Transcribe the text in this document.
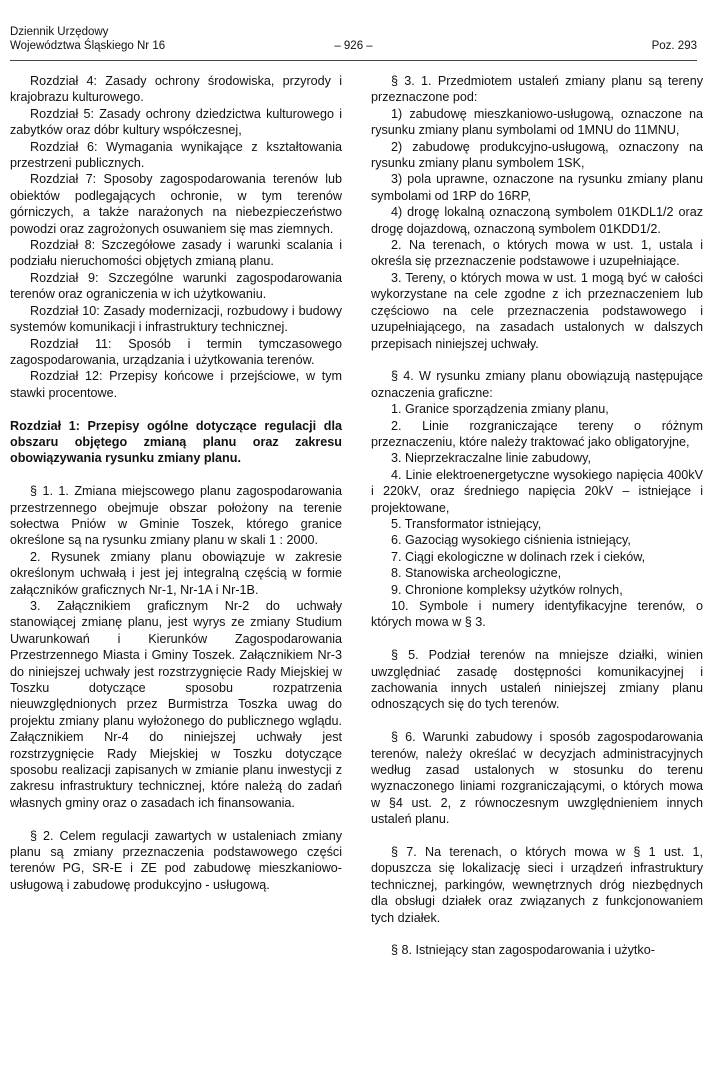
Dziennik Urzędowy
Województwa Śląskiego Nr 16	– 926 –	Poz. 293

Rozdział 4: Zasady ochrony środowiska, przyrody i krajobrazu kulturowego.

Rozdział 5: Zasady ochrony dziedzictwa kulturowego i zabytków oraz dóbr kultury współczesnej,

Rozdział 6: Wymagania wynikające z kształtowania przestrzeni publicznych.

Rozdział 7: Sposoby zagospodarowania terenów lub obiektów podlegających ochronie, w tym terenów górniczych, a także narażonych na niebezpieczeństwo powodzi oraz zagrożonych osuwaniem się mas ziemnych.

Rozdział 8: Szczegółowe zasady i warunki scalania i podziału nieruchomości objętych zmianą planu.

Rozdział 9: Szczególne warunki zagospodarowania terenów oraz ograniczenia w ich użytkowaniu.

Rozdział 10: Zasady modernizacji, rozbudowy i budowy systemów komunikacji i infrastruktury technicznej.

Rozdział 11: Sposób i termin tymczasowego zagospodarowania, urządzania i użytkowania terenów.

Rozdział 12: Przepisy końcowe i przejściowe, w tym stawki procentowe.

Rozdział 1: Przepisy ogólne dotyczące regulacji dla obszaru objętego zmianą planu oraz zakresu obowiązywania rysunku zmiany planu.

§ 1. 1. Zmiana miejscowego planu zagospodarowania przestrzennego obejmuje obszar położony na terenie sołectwa Pniów w Gminie Toszek, którego granice określone są na rysunku zmiany planu w skali 1 : 2000.

2. Rysunek zmiany planu obowiązuje w zakresie określonym uchwałą i jest jej integralną częścią w formie załączników graficznych Nr-1, Nr-1A i Nr-1B.

3. Załącznikiem graficznym Nr-2 do uchwały stanowiącej zmianę planu, jest wyrys ze zmiany Studium Uwarunkowań i Kierunków Zagospodarowania Przestrzennego Miasta i Gminy Toszek. Załącznikiem Nr-3 do niniejszej uchwały jest rozstrzygnięcie Rady Miejskiej w Toszku dotyczące sposobu rozpatrzenia nieuwzględnionych przez Burmistrza Toszka uwag do projektu zmiany planu wyłożonego do publicznego wglądu. Załącznikiem Nr-4 do niniejszej uchwały jest rozstrzygnięcie Rady Miejskiej w Toszku dotyczące sposobu realizacji zapisanych w zmianie planu inwestycji z zakresu infrastruktury technicznej, które należą do zadań własnych gminy oraz o zasadach ich finansowania.

§ 2. Celem regulacji zawartych w ustaleniach zmiany planu są zmiany przeznaczenia podstawowego części terenów PG, SR-E i ZE pod zabudowę mieszkaniowo-usługową i zabudowę produkcyjno - usługową.

§ 3. 1. Przedmiotem ustaleń zmiany planu są tereny przeznaczone pod:

1) zabudowę mieszkaniowo-usługową, oznaczone na rysunku zmiany planu symbolami od 1MNU do 11MNU,

2) zabudowę produkcyjno-usługową, oznaczony na rysunku zmiany planu symbolem 1SK,

3) pola uprawne, oznaczone na rysunku zmiany planu symbolami od 1RP do 16RP,

4) drogę lokalną oznaczoną symbolem 01KDL1/2 oraz drogę dojazdową, oznaczoną symbolem 01KDD1/2.

2. Na terenach, o których mowa w ust. 1, ustala i określa się przeznaczenie podstawowe i uzupełniające.

3. Tereny, o których mowa w ust. 1 mogą być w całości wykorzystane na cele zgodne z ich przeznaczeniem lub częściowo na cele przeznaczenia podstawowego i uzupełniającego, na zasadach ustalonych w dalszych przepisach niniejszej uchwały.

§ 4. W rysunku zmiany planu obowiązują następujące oznaczenia graficzne:

1. Granice sporządzenia zmiany planu,

2. Linie rozgraniczające tereny o różnym przeznaczeniu, które należy traktować jako obligatoryjne,

3. Nieprzekraczalne linie zabudowy,

4. Linie elektroenergetyczne wysokiego napięcia 400kV i 220kV, oraz średniego napięcia 20kV – istniejące i projektowane,

5. Transformator istniejący,

6. Gazociąg wysokiego ciśnienia istniejący,

7. Ciągi ekologiczne w dolinach rzek i cieków,

8. Stanowiska archeologiczne,

9. Chronione kompleksy użytków rolnych,

10. Symbole i numery identyfikacyjne terenów, o których mowa w § 3.

§ 5. Podział terenów na mniejsze działki, winien uwzględniać zasadę dostępności komunikacyjnej i zachowania innych ustaleń niniejszej zmiany planu odnoszących się do tych terenów.

§ 6. Warunki zabudowy i sposób zagospodarowania terenów, należy określać w decyzjach administracyjnych według zasad ustalonych w stosunku do terenu wyznaczonego liniami rozgraniczającymi, o których mowa w §4 ust. 2, z równoczesnym uwzględnieniem innych ustaleń planu.

§ 7. Na terenach, o których mowa w § 1 ust. 1, dopuszcza się lokalizację sieci i urządzeń infrastruktury technicznej, parkingów, wewnętrznych dróg niezbędnych dla obsługi działek oraz związanych z funkcjonowaniem tych działek.

§ 8. Istniejący stan zagospodarowania i użytko-
